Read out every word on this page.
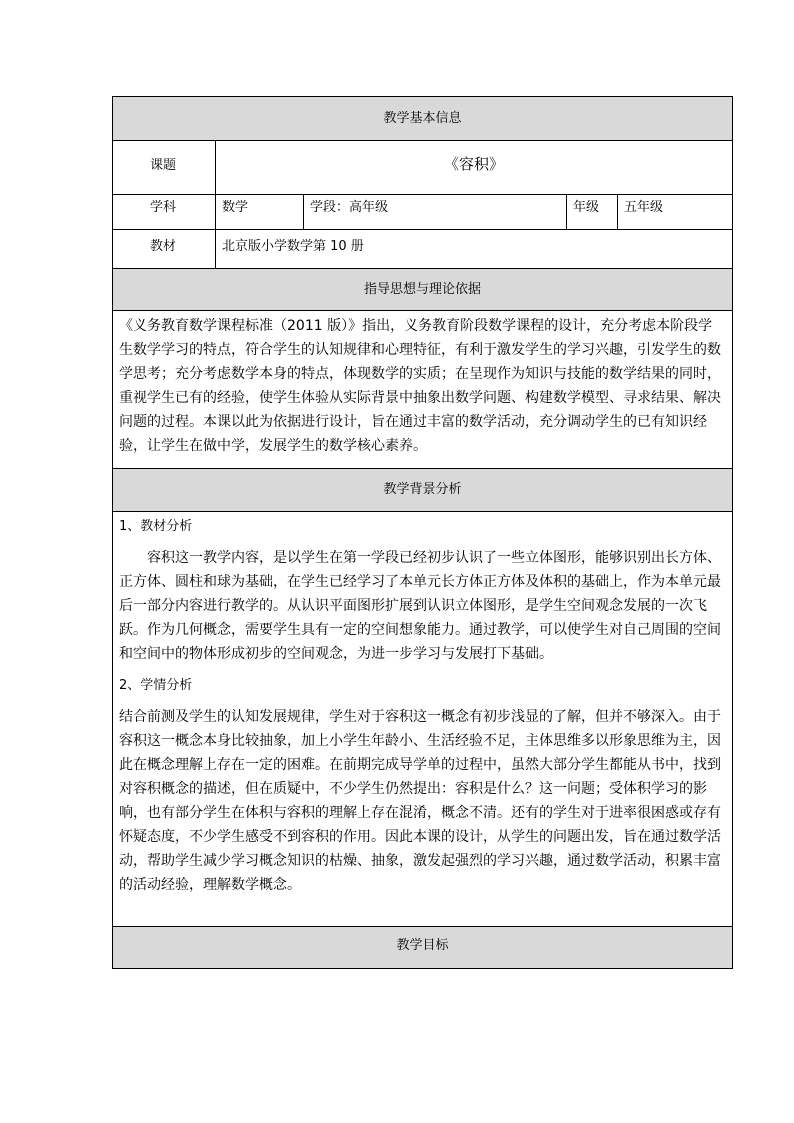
教学基本信息
课题	《容积》
学科	数学	学段：高年级	年级	五年级
教材	北京版小学数学第 10 册
指导思想与理论依据

《义务教育数学课程标准（2011 版）》指出，义务教育阶段数学课程的设计，充分考虑本阶段学生数学学习的特点，符合学生的认知规律和心理特征，有利于激发学生的学习兴趣，引发学生的数学思考；充分考虑数学本身的特点，体现数学的实质；在呈现作为知识与技能的数学结果的同时，重视学生已有的经验，使学生体验从实际背景中抽象出数学问题、构建数学模型、寻求结果、解决问题的过程。本课以此为依据进行设计，旨在通过丰富的数学活动，充分调动学生的已有知识经验，让学生在做中学，发展学生的数学核心素养。

教学背景分析

1、教材分析

容积这一教学内容，是以学生在第一学段已经初步认识了一些立体图形，能够识别出长方体、正方体、圆柱和球为基础，在学生已经学习了本单元长方体正方体及体积的基础上，作为本单元最后一部分内容进行教学的。从认识平面图形扩展到认识立体图形，是学生空间观念发展的一次飞跃。作为几何概念，需要学生具有一定的空间想象能力。通过教学，可以使学生对自己周围的空间和空间中的物体形成初步的空间观念，为进一步学习与发展打下基础。

2、学情分析

结合前测及学生的认知发展规律，学生对于容积这一概念有初步浅显的了解，但并不够深入。由于容积这一概念本身比较抽象，加上小学生年龄小、生活经验不足，主体思维多以形象思维为主，因此在概念理解上存在一定的困难。在前期完成导学单的过程中，虽然大部分学生都能从书中，找到对容积概念的描述，但在质疑中，不少学生仍然提出：容积是什么？这一问题；受体积学习的影响，也有部分学生在体积与容积的理解上存在混淆，概念不清。还有的学生对于进率很困惑或存有怀疑态度，不少学生感受不到容积的作用。因此本课的设计，从学生的问题出发，旨在通过数学活动，帮助学生减少学习概念知识的枯燥、抽象，激发起强烈的学习兴趣，通过数学活动，积累丰富的活动经验，理解数学概念。

教学目标
